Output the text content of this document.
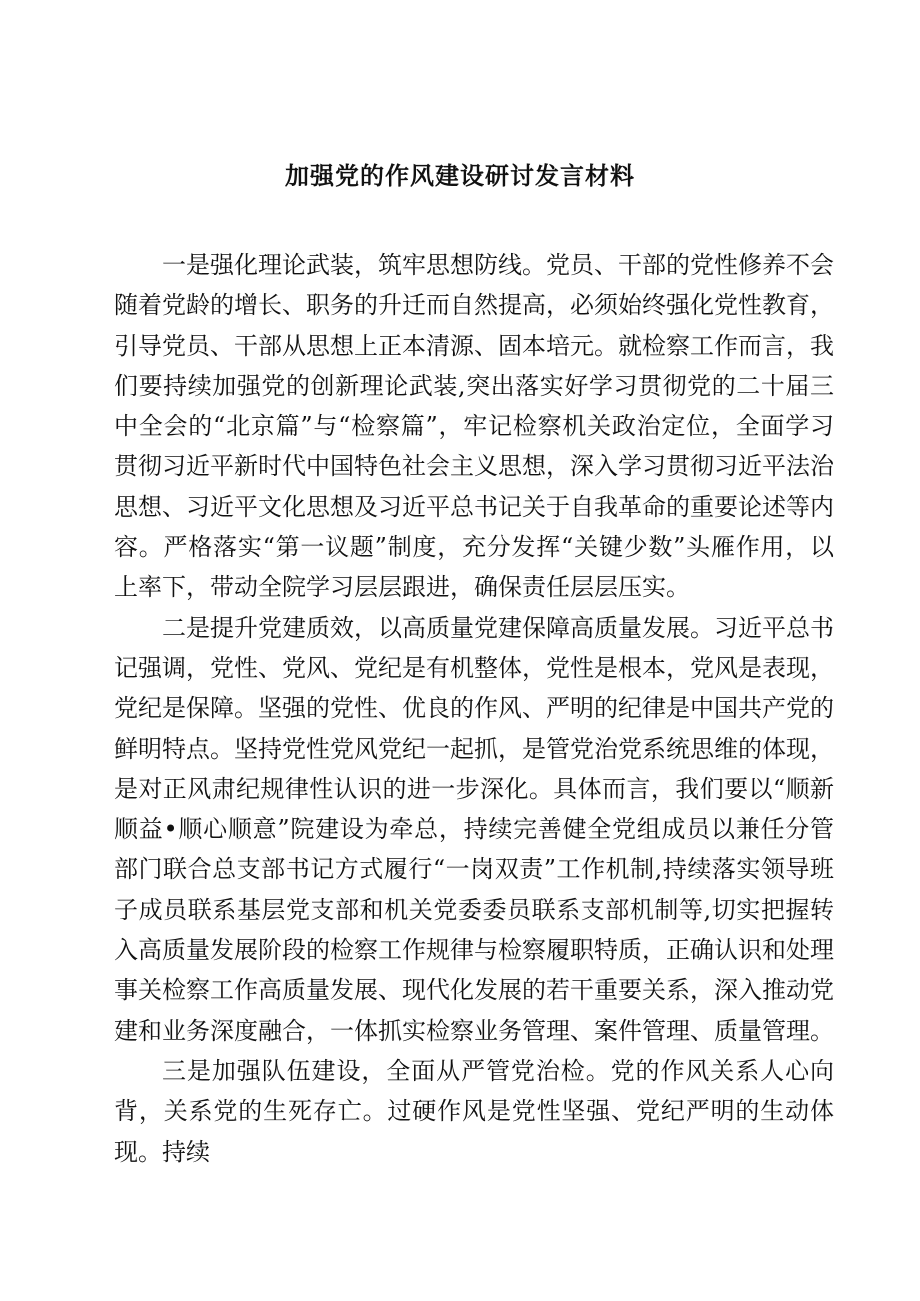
加强党的作风建设研讨发言材料

一是强化理论武装，筑牢思想防线。党员、干部的党性修养不会随着党龄的增长、职务的升迁而自然提高，必须始终强化党性教育，引导党员、干部从思想上正本清源、固本培元。就检察工作而言，我们要持续加强党的创新理论武装,突出落实好学习贯彻党的二十届三中全会的“北京篇”与“检察篇”，牢记检察机关政治定位，全面学习贯彻习近平新时代中国特色社会主义思想，深入学习贯彻习近平法治思想、习近平文化思想及习近平总书记关于自我革命的重要论述等内容。严格落实“第一议题”制度，充分发挥“关键少数”头雁作用，以上率下，带动全院学习层层跟进，确保责任层层压实。

二是提升党建质效，以高质量党建保障高质量发展。习近平总书记强调，党性、党风、党纪是有机整体，党性是根本，党风是表现，党纪是保障。坚强的党性、优良的作风、严明的纪律是中国共产党的鲜明特点。坚持党性党风党纪一起抓，是管党治党系统思维的体现，是对正风肃纪规律性认识的进一步深化。具体而言，我们要以“顺新顺益•顺心顺意”院建设为牵总，持续完善健全党组成员以兼任分管部门联合总支部书记方式履行“一岗双责”工作机制,持续落实领导班子成员联系基层党支部和机关党委委员联系支部机制等,切实把握转入高质量发展阶段的检察工作规律与检察履职特质，正确认识和处理事关检察工作高质量发展、现代化发展的若干重要关系，深入推动党建和业务深度融合，一体抓实检察业务管理、案件管理、质量管理。

三是加强队伍建设，全面从严管党治检。党的作风关系人心向背，关系党的生死存亡。过硬作风是党性坚强、党纪严明的生动体现。持续
